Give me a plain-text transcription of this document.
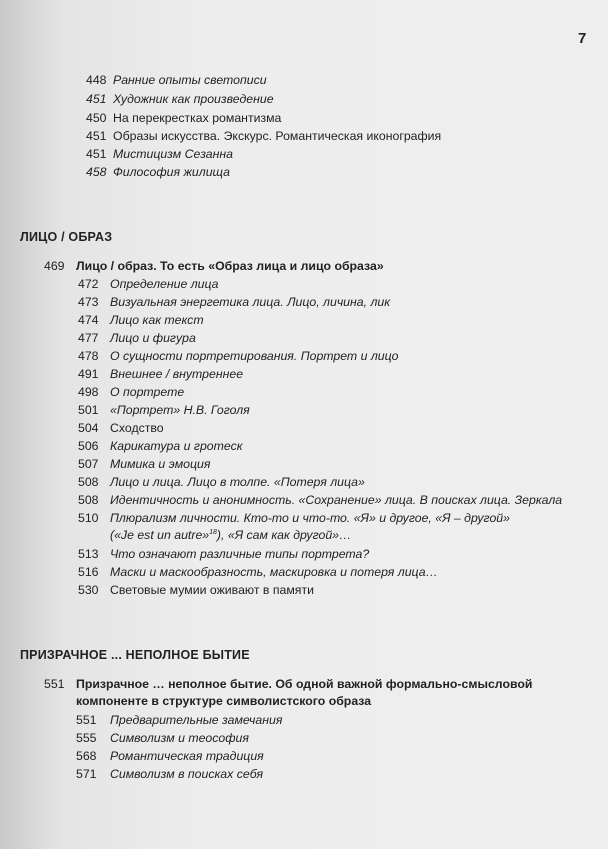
7
448 Ранние опыты светописи
451 Художник как произведение
450 На перекрестках романтизма
451 Образы искусства. Экскурс. Романтическая иконография
451 Мистицизм Сезанна
458 Философия жилища
ЛИЦО / ОБРАЗ
469 Лицо / образ. То есть «Образ лица и лицо образа»
472 Определение лица
473 Визуальная энергетика лица. Лицо, личина, лик
474 Лицо как текст
477 Лицо и фигура
478 О сущности портретирования. Портрет и лицо
491 Внешнее / внутреннее
498 О портрете
501 «Портрет» Н.В. Гоголя
504 Сходство
506 Карикатура и гротеск
507 Мимика и эмоция
508 Лицо и лица. Лицо в толпе. «Потеря лица»
508 Идентичность и анонимность. «Сохранение» лица. В поисках лица. Зеркала
510 Плюрализм личности. Кто-то и что-то. «Я» и другое, «Я – другой»
(«Je est un autre»$^{18}$), «Я сам как другой»…
513 Что означают различные типы портрета?
516 Маски и маскообразность, маскировка и потеря лица…
530 Световые мумии оживают в памяти
ПРИЗРАЧНОЕ ... НЕПОЛНОЕ БЫТИЕ
551 Призрачное … неполное бытие. Об одной важной формально-смысловой
компоненте в структуре символистского образа
551 Предварительные замечания
555 Символизм и теософия
568 Романтическая традиция
571 Символизм в поисках себя
